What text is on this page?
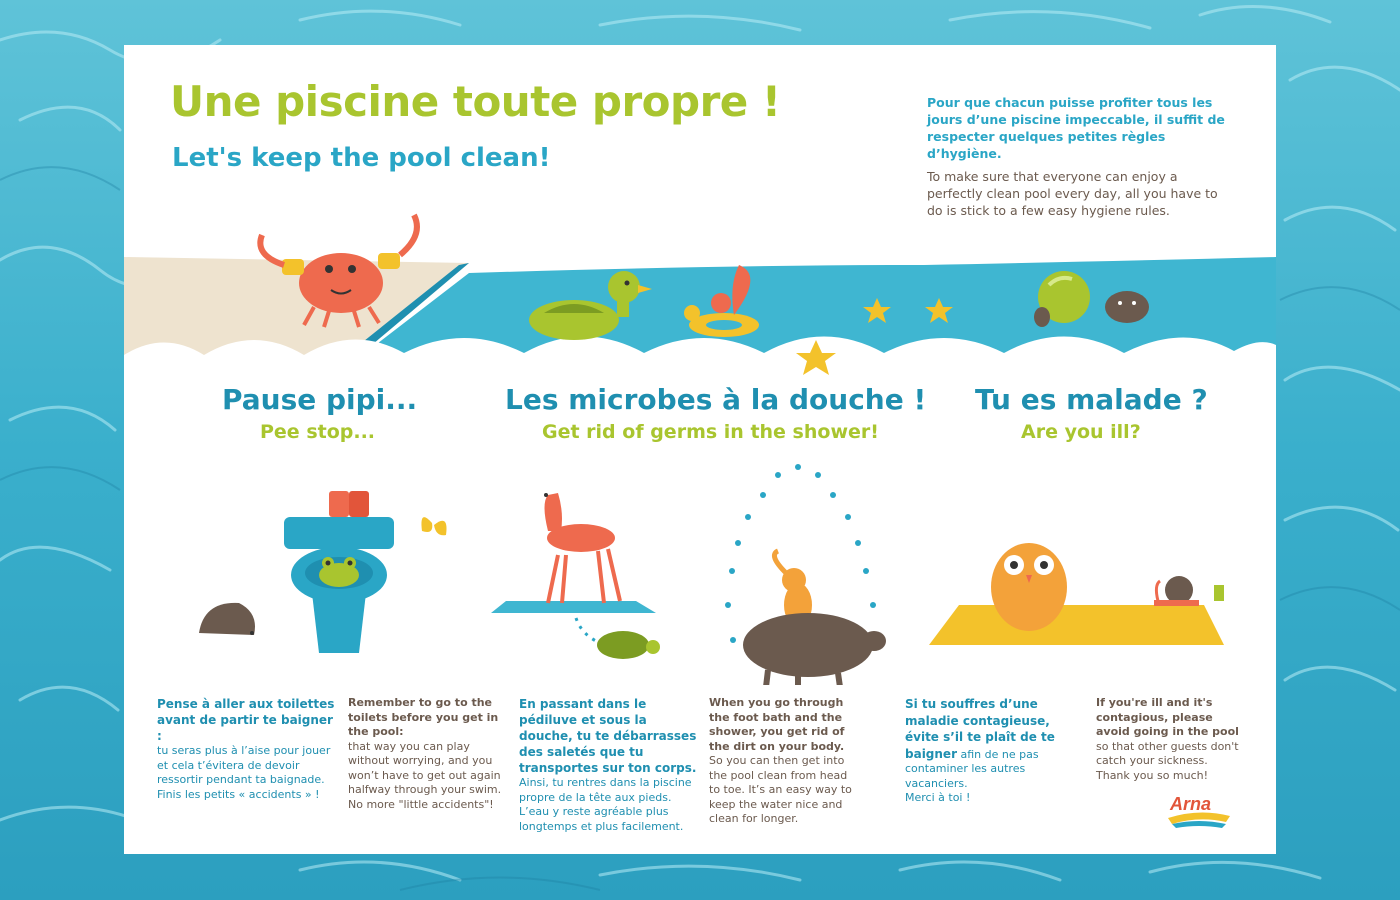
Une piscine toute propre !
Let's keep the pool clean!

Pour que chacun puisse profiter tous les jours d’une piscine impeccable, il suffit de respecter quelques petites règles d’hygiène.

To make sure that everyone can enjoy a perfectly clean pool every day, all you have to do is stick to a few easy hygiene rules.

Pause pipi...
Pee stop...
Les microbes à la douche !
Get rid of germs in the shower!
Tu es malade ?
Are you ill?

Pense à aller aux toilettes avant de partir te baigner :

tu seras plus à l’aise pour jouer et cela t’évitera de devoir ressortir pendant ta baignade.

Finis les petits « accidents » !

Remember to go to the toilets before you get in the pool:

that way you can play without worrying, and you won’t have to get out again halfway through your swim.

No more "little accidents"!

En passant dans le pédiluve et sous la douche, tu te débarrasses des saletés que tu transportes sur ton corps.

Ainsi, tu rentres dans la piscine propre de la tête aux pieds. L’eau y reste agréable plus longtemps et plus facilement.

When you go through the foot bath and the shower, you get rid of the dirt on your body.

So you can then get into the pool clean from head to toe. It’s an easy way to keep the water nice and clean for longer.

Si tu souffres d’une maladie contagieuse, évite s’il te plaît de te baigner afin de ne pas contaminer les autres vacanciers.

Merci à toi !

If you're ill and it's contagious, please avoid going in the pool so that other guests don't catch your sickness. Thank you so much!

Arna
